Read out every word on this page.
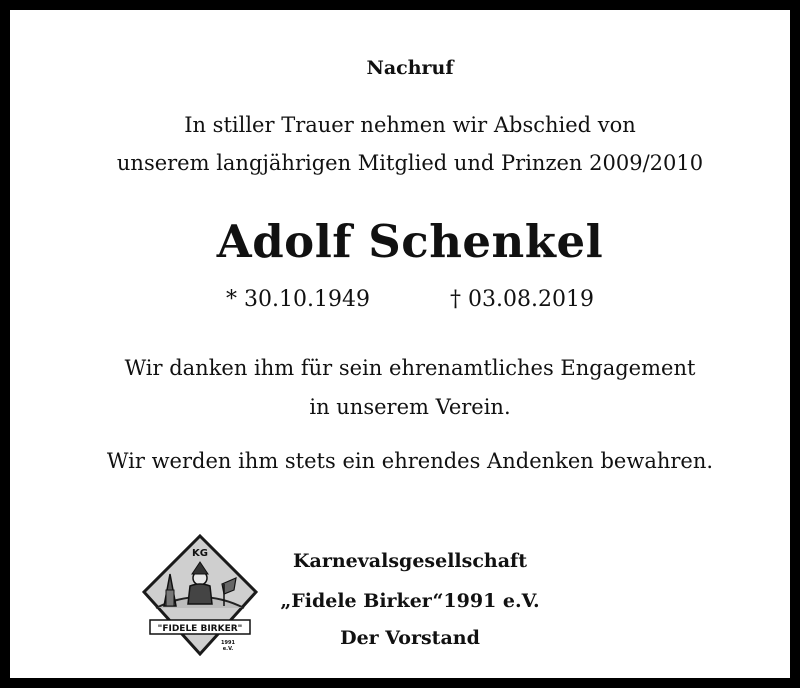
Nachruf
In stiller Trauer nehmen wir Abschied von
unserem langjährigen Mitglied und Prinzen 2009/2010
Adolf Schenkel
* 30.10.1949	† 03.08.2019
Wir danken ihm für sein ehrenamtliches Engagement
in unserem Verein.
Wir werden ihm stets ein ehrendes Andenken bewahren.
KG
"FIDELE BIRKER"
1991
e.V.
Karnevalsgesellschaft
„Fidele Birker“1991 e.V.
Der Vorstand
